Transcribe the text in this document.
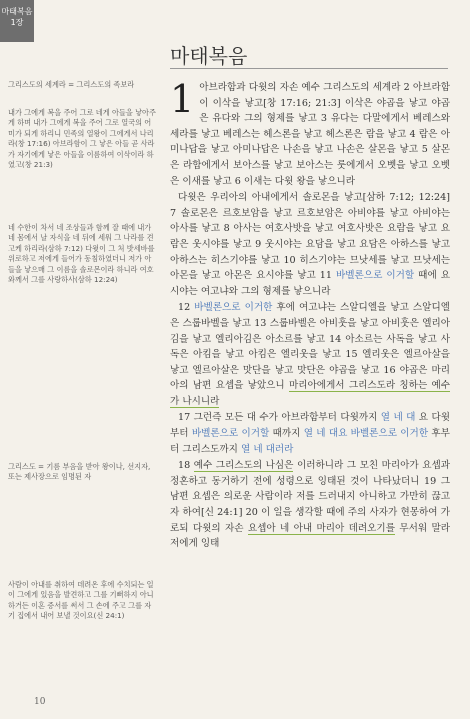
마태복음
1장
마태복음
그리스도의 세계라 = 그리스도의 족보라
내가 그에게 복을 주어 그로 네게 아들을 낳아주게 하며 내가 그에게 복을 주어 그로 열국의 어미가 되게 하리니 민족의 열왕이 그에게서 나리라(창 17:16) 아브라함이 그 낳은 아들 곧 사라가 자기에게 낳은 아들을 이름하여 이삭이라 하였고(창 21:3)
네 수한이 차서 네 조상들과 함께 잘 때에 내가 네 몸에서 날 자식을 네 뒤에 세워 그 나라를 견고케 하리라(삼하 7:12) 다윗이 그 처 밧세바를 위로하고 저에게 들어가 동침하였더니 저가 아들을 낳으매 그 이름을 솔로몬이라 하니라 여호와께서 그를 사랑하사(삼하 12:24)
그리스도 = 기름 부음을 받아 왕이나, 선지자, 또는 제사장으로 임명된 자
사람이 아내를 취하여 데려온 후에 수치되는 일이 그에게 있음을 발견하고 그를 기뻐하지 아니하거든 이혼 증서를 써서 그 손에 주고 그를 자기 집에서 내어 보낼 것이요(신 24:1)

1 아브라함과 다윗의 자손 예수 그리스도의 세계라 2 아브라함이 이삭을 낳고[창 17:16; 21:3] 이삭은 야곱을 낳고 야곱은 유다와 그의 형제를 낳고 3 유다는 다말에게서 베레스와 세라를 낳고 베레스는 헤스론을 낳고 헤스론은 람을 낳고 4 람은 아미나답을 낳고 아미나답은 나손을 낳고 나손은 살몬을 낳고 5 살몬은 라합에게서 보아스를 낳고 보아스는 룻에게서 오벳을 낳고 오벳은 이새를 낳고 6 이새는 다윗 왕을 낳으니라

다윗은 우리아의 아내에게서 솔로몬을 낳고[삼하 7:12; 12:24] 7 솔로몬은 르호보암을 낳고 르호보암은 아비야를 낳고 아비야는 아사를 낳고 8 아사는 여호사밧을 낳고 여호사밧은 요람을 낳고 요람은 웃시야를 낳고 9 웃시야는 요담을 낳고 요담은 아하스를 낳고 아하스는 히스기야를 낳고 10 히스기야는 므낫세를 낳고 므낫세는 아몬을 낳고 아몬은 요시야를 낳고 11 바벨론으로 이거할 때에 요시야는 여고냐와 그의 형제를 낳으니라

12 바벨론으로 이거한 후에 여고냐는 스알디엘을 낳고 스알디엘은 스룹바벨을 낳고 13 스룹바벨은 아비훗을 낳고 아비훗은 엘리아김을 낳고 엘리아김은 아소르를 낳고 14 아소르는 사독을 낳고 사독은 아킴을 낳고 아킴은 엘리웃을 낳고 15 엘리웃은 엘르아살을 낳고 엘르아살은 맛단을 낳고 맛단은 야곱을 낳고 16 야곱은 마리아의 남편 요셉을 낳았으니 마리아에게서 그리스도라 칭하는 예수가 나시니라

17 그런즉 모든 대 수가 아브라함부터 다윗까지 열 네 대 요 다윗부터 바벨론으로 이거할 때까지 열 네 대요 바벨론으로 이거한 후부터 그리스도까지 열 네 대러라

18 예수 그리스도의 나심은 이러하니라 그 모친 마리아가 요셉과 정혼하고 동거하기 전에 성령으로 잉태된 것이 나타났더니 19 그 남편 요셉은 의로운 사람이라 저를 드러내지 아니하고 가만히 끊고자 하여[신 24:1] 20 이 일을 생각할 때에 주의 사자가 현몽하여 가로되 다윗의 자손 요셉아 네 아내 마리아 데려오기를 무서워 말라 저에게 잉태

10
